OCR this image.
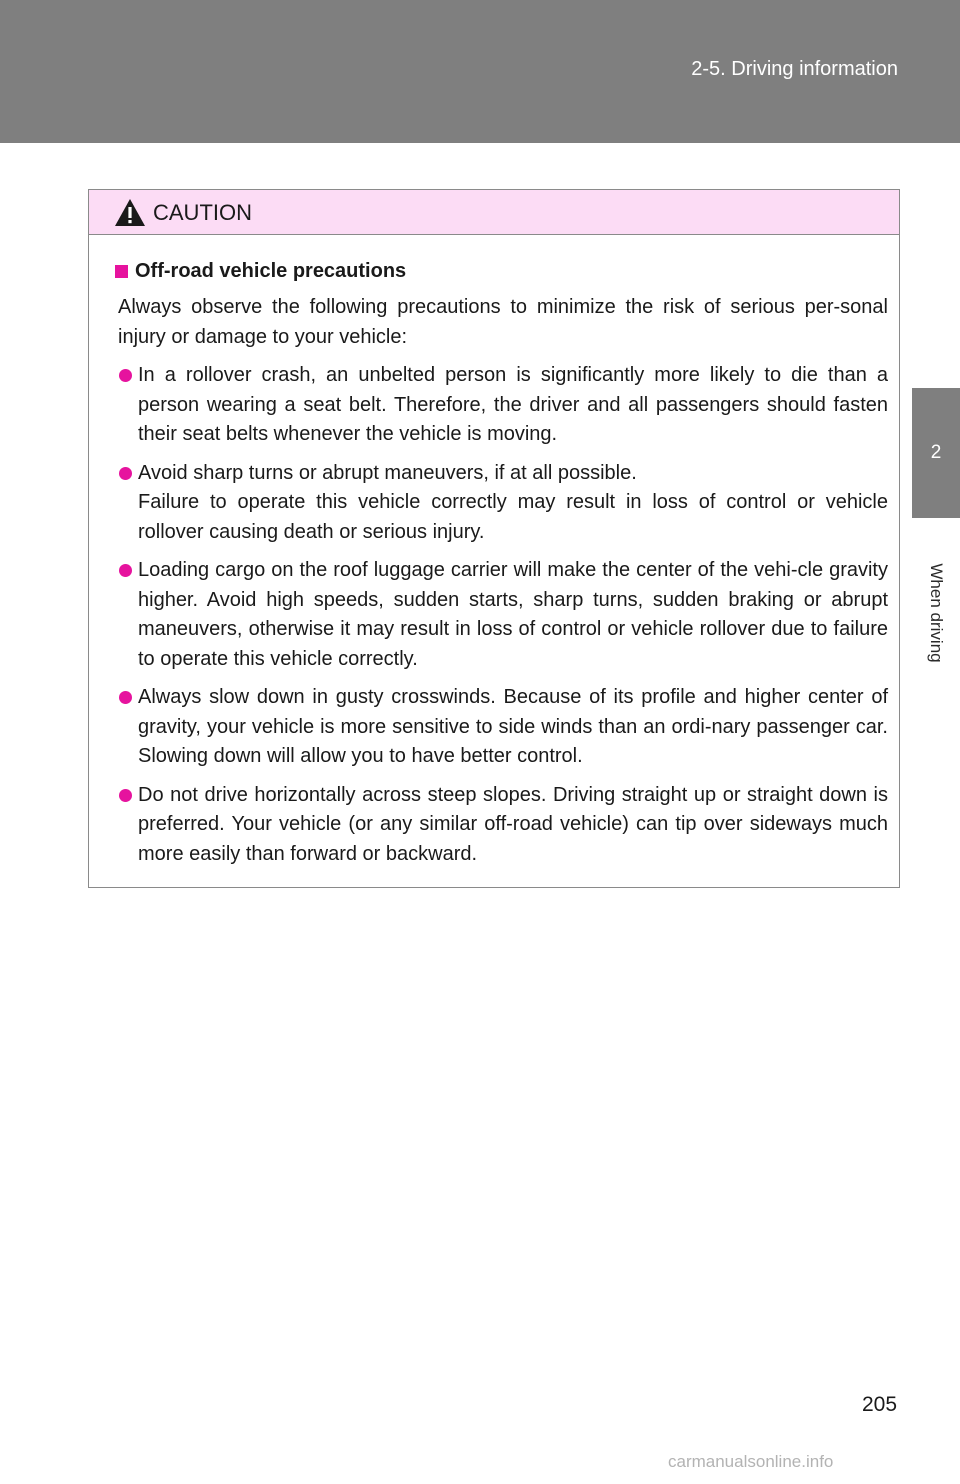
2-5. Driving information
2
When driving
CAUTION
Off-road vehicle precautions
Always observe the following precautions to minimize the risk of serious per-sonal injury or damage to your vehicle:
In a rollover crash, an unbelted person is significantly more likely to die than a person wearing a seat belt. Therefore, the driver and all passengers should fasten their seat belts whenever the vehicle is moving.
Avoid sharp turns or abrupt maneuvers, if at all possible.
Failure to operate this vehicle correctly may result in loss of control or vehicle rollover causing death or serious injury.
Loading cargo on the roof luggage carrier will make the center of the vehi-cle gravity higher. Avoid high speeds, sudden starts, sharp turns, sudden braking or abrupt maneuvers, otherwise it may result in loss of control or vehicle rollover due to failure to operate this vehicle correctly.
Always slow down in gusty crosswinds. Because of its profile and higher center of gravity, your vehicle is more sensitive to side winds than an ordi-nary passenger car. Slowing down will allow you to have better control.
Do not drive horizontally across steep slopes. Driving straight up or straight down is preferred. Your vehicle (or any similar off-road vehicle) can tip over sideways much more easily than forward or backward.
205
carmanualsonline.info
